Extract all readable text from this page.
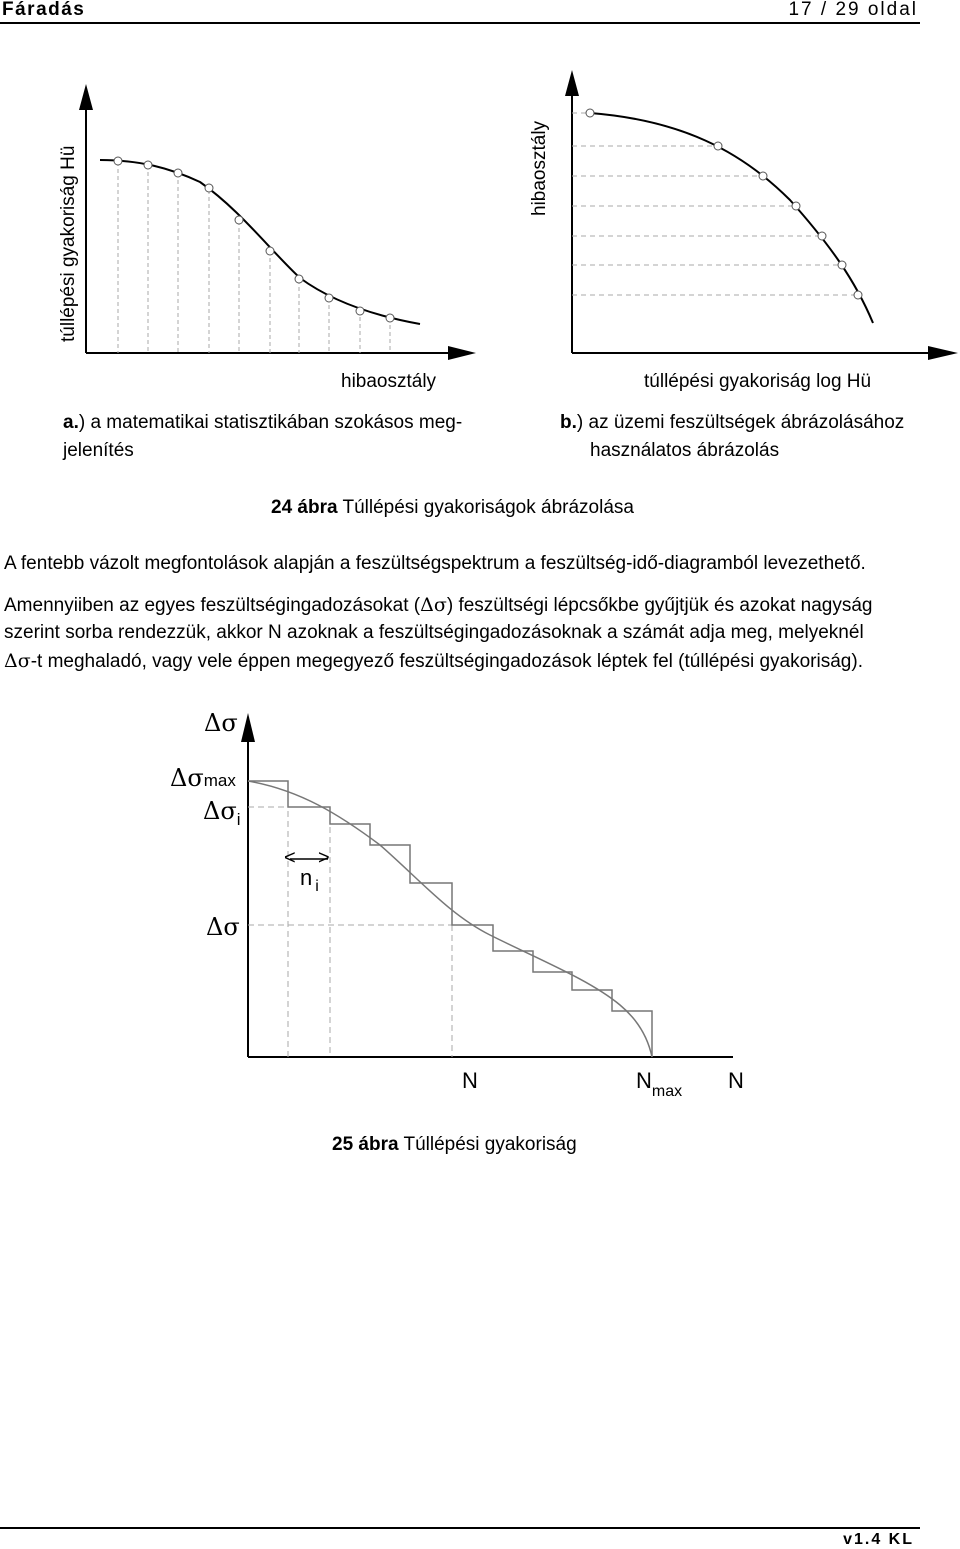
Fáradás	17 / 29 oldal
túllépési gyakoriság Hü
hibaosztály
a.) a matematikai statisztikában szokásos meg-
jelenítés
hibaosztály
túllépési gyakoriság log Hü
b.) az üzemi feszültségek ábrázolásához
használatos ábrázolás
24 ábra Túllépési gyakoriságok ábrázolása
A fentebb vázolt megfontolások alapján a feszültségspektrum a feszültség-idő-diagramból levezethető.
Amennyiiben az egyes feszültségingadozásokat (Δσ) feszültségi lépcsőkbe gyűjtjük és azokat nagyság
szerint sorba rendezzük, akkor N azoknak a feszültségingadozásoknak a számát adja meg, melyeknél
Δσ-t meghaladó, vagy vele éppen megegyező feszültségingadozások léptek fel (túllépési gyakoriság).
Δσ
Δσmax
$\Delta\sigma_i$
Δσ
< >
n $_i$
N	$N_{max}$ N
25 ábra Túllépési gyakoriság
v1.4 KL
